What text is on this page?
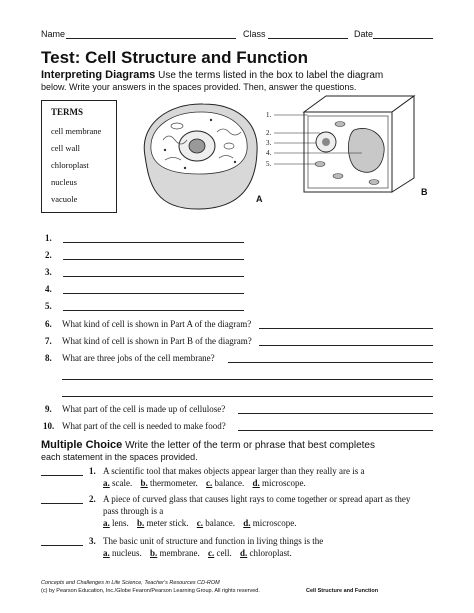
Name	Class	Date
Test: Cell Structure and Function
Interpreting Diagrams Use the terms listed in the box to label the diagram
below. Write your answers in the spaces provided. Then, answer the questions.
TERMS
cell membrane
cell wall
chloroplast
nucleus
vacuole	A
1.
2.
3.
4.
5.
B
1.
2.
3.
4.
5.
6. What kind of cell is shown in Part A of the diagram?
7. What kind of cell is shown in Part B of the diagram?
8. What are three jobs of the cell membrane?
9. What part of the cell is made up of cellulose?
10. What part of the cell is needed to make food?
Multiple Choice Write the letter of the term or phrase that best completes
each statement in the spaces provided.
1. A scientific tool that makes objects appear larger than they really are is a
a. scale. b. thermometer. c. balance. d. microscope.
2. A piece of curved glass that causes light rays to come together or spread apart as they
pass through is a
a. lens. b. meter stick. c. balance. d. microscope.
3. The basic unit of structure and function in living things is the
a. nucleus. b. membrane. c. cell. d. chloroplast.
Concepts and Challenges in Life Science, Teacher's Resources CD-ROM
(c) by Pearson Education, Inc./Globe Fearon/Pearson Learning Group. All rights reserved.	Cell Structure and Function
